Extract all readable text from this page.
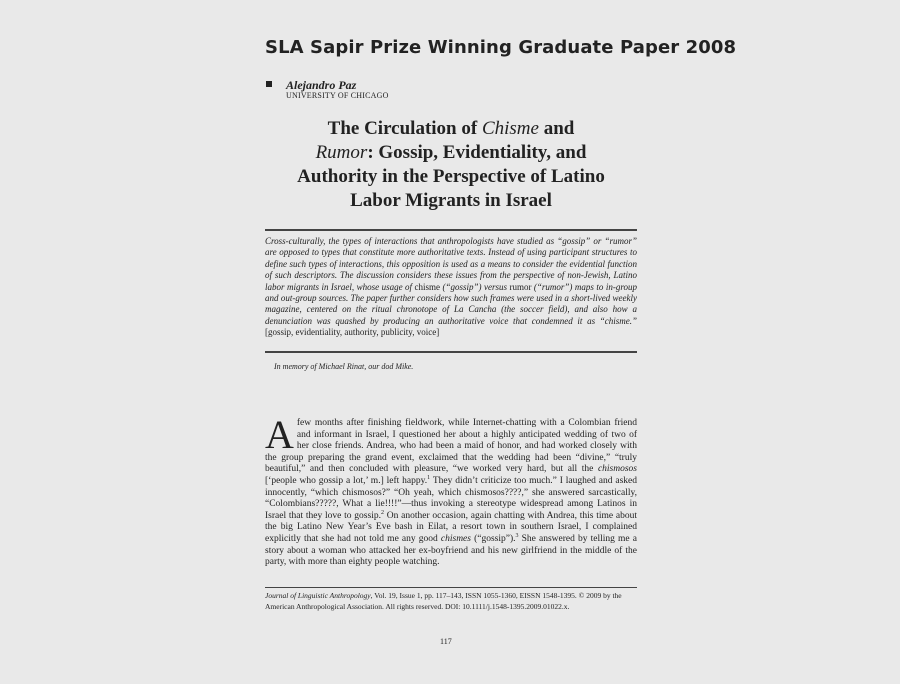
SLA Sapir Prize Winning Graduate Paper 2008
Alejandro Paz
UNIVERSITY OF CHICAGO
The Circulation of Chisme and
Rumor: Gossip, Evidentiality, and
Authority in the Perspective of Latino
Labor Migrants in Israel
Cross-culturally, the types of interactions that anthropologists have studied as “gossip” or “rumor” are opposed to types that constitute more authoritative texts. Instead of using participant structures to define such types of interactions, this opposition is used as a means to consider the evidential function of such descriptors. The discussion considers these issues from the perspective of non-Jewish, Latino labor migrants in Israel, whose usage of chisme (“gossip”) versus rumor (“rumor”) maps to in-group and out-group sources. The paper further considers how such frames were used in a short-lived weekly magazine, centered on the ritual chronotope of La Cancha (the soccer field), and also how a denunciation was quashed by producing an authoritative voice that condemned it as “chisme.” [gossip, evidentiality, authority, publicity, voice]
In memory of Michael Rinat, our dod Mike.
Afew months after finishing fieldwork, while Internet-chatting with a Colombian friend and informant in Israel, I questioned her about a highly anticipated wedding of two of her close friends. Andrea, who had been a maid of honor, and had worked closely with the group preparing the grand event, exclaimed that the wedding had been “divine,” “truly beautiful,” and then concluded with pleasure, “we worked very hard, but all the chismosos [‘people who gossip a lot,’ m.] left happy.$^1$ They didn’t criticize too much.” I laughed and asked innocently, “which chismosos?” “Oh yeah, which chismosos????,” she answered sarcastically, “Colombians?????, What a lie!!!!”—thus invoking a stereotype widespread among Latinos in Israel that they love to gossip.$^2$ On another occasion, again chatting with Andrea, this time about the big Latino New Year’s Eve bash in Eilat, a resort town in southern Israel, I complained explicitly that she had not told me any good chismes (“gossip”).$^3$ She answered by telling me a story about a woman who attacked her ex-boyfriend and his new girlfriend in the middle of the party, with more than eighty people watching.
Journal of Linguistic Anthropology, Vol. 19, Issue 1, pp. 117–143, ISSN 1055-1360, EISSN 1548-1395. © 2009 by the American Anthropological Association. All rights reserved. DOI: 10.1111/j.1548-1395.2009.01022.x.
117
